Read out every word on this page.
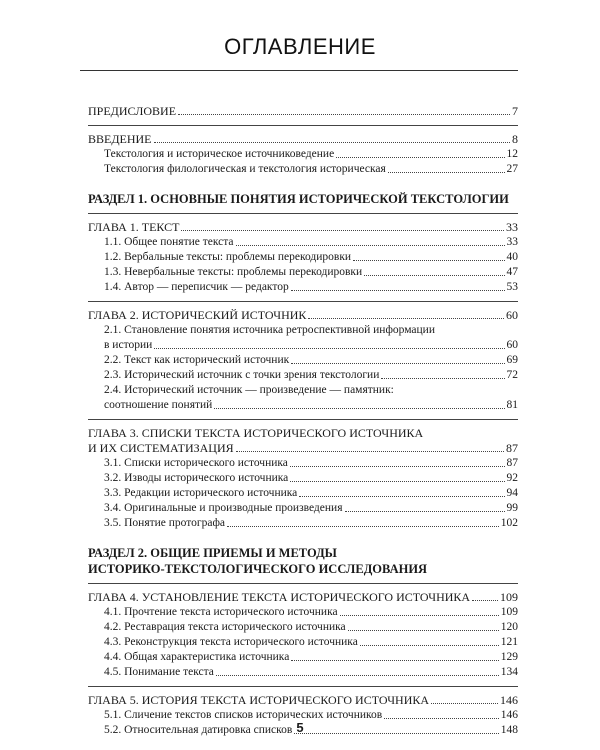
ОГЛАВЛЕНИЕ
ПРЕДИСЛОВИЕ	7
ВВЕДЕНИЕ	8
Текстология и историческое источниковедение	12
Текстология филологическая и текстология историческая	27
РАЗДЕЛ 1. ОСНОВНЫЕ ПОНЯТИЯ ИСТОРИЧЕСКОЙ ТЕКСТОЛОГИИ
ГЛАВА 1. ТЕКСТ	33
1.1. Общее понятие текста	33
1.2. Вербальные тексты: проблемы перекодировки	40
1.3. Невербальные тексты: проблемы перекодировки	47
1.4. Автор — переписчик — редактор	53
ГЛАВА 2. ИСТОРИЧЕСКИЙ ИСТОЧНИК	60
2.1. Становление понятия источника ретроспективной информации
в истории	60
2.2. Текст как исторический источник	69
2.3. Исторический источник с точки зрения текстологии	72
2.4. Исторический источник — произведение — памятник:
соотношение понятий	81
ГЛАВА 3. СПИСКИ ТЕКСТА ИСТОРИЧЕСКОГО ИСТОЧНИКА
И ИХ СИСТЕМАТИЗАЦИЯ	87
3.1. Списки исторического источника	87
3.2. Изводы исторического источника	92
3.3. Редакции исторического источника	94
3.4. Оригинальные и производные произведения	99
3.5. Понятие протографа	102
РАЗДЕЛ 2. ОБЩИЕ ПРИЕМЫ И МЕТОДЫ
ИСТОРИКО-ТЕКСТОЛОГИЧЕСКОГО ИССЛЕДОВАНИЯ
ГЛАВА 4. УСТАНОВЛЕНИЕ ТЕКСТА ИСТОРИЧЕСКОГО ИСТОЧНИКА 109
4.1. Прочтение текста исторического источника	109
4.2. Реставрация текста исторического источника	120
4.3. Реконструкция текста исторического источника	121
4.4. Общая характеристика источника	129
4.5. Понимание текста	134
ГЛАВА 5. ИСТОРИЯ ТЕКСТА ИСТОРИЧЕСКОГО ИСТОЧНИКА	146
5.1. Сличение текстов списков исторических источников	146
5.2. Относительная датировка списков	148
5
